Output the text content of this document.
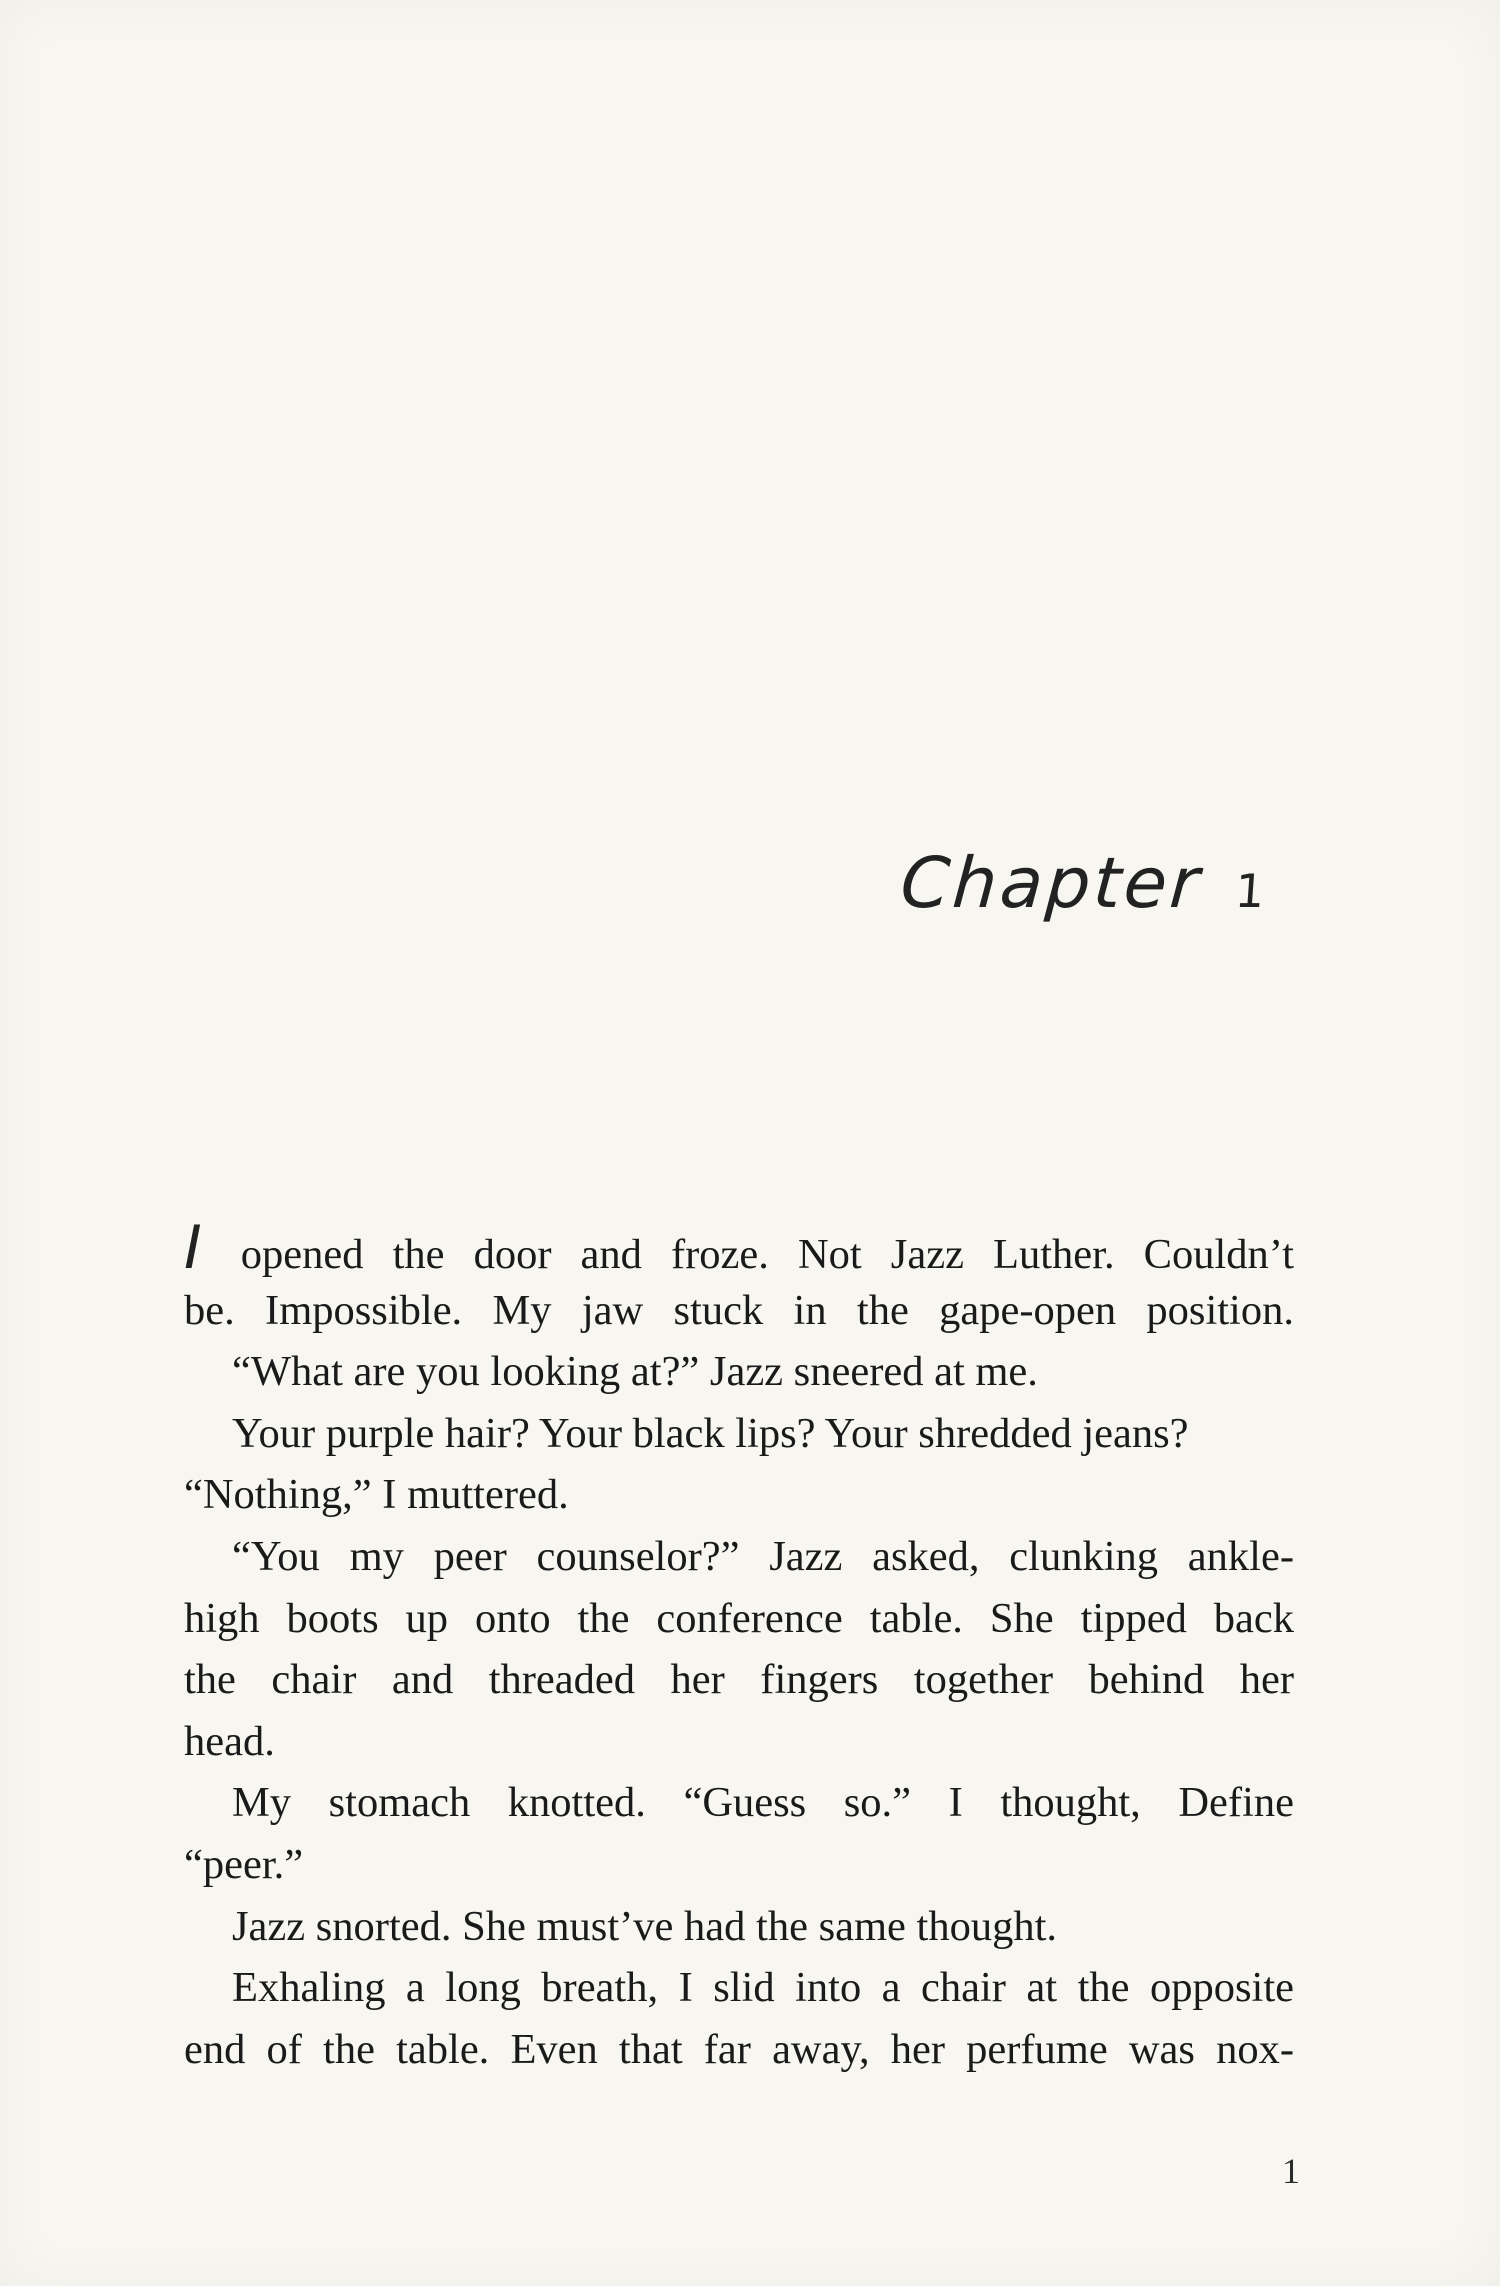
Chapter 1
I opened the door and froze. Not Jazz Luther. Couldn’t
be. Impossible. My jaw stuck in the gape-open position.
“What are you looking at?” Jazz sneered at me.
Your purple hair? Your black lips? Your shredded jeans?
“Nothing,” I muttered.
“You my peer counselor?” Jazz asked, clunking ankle-
high boots up onto the conference table. She tipped back
the chair and threaded her fingers together behind her
head.
My stomach knotted. “Guess so.” I thought, Define
“peer.”
Jazz snorted. She must’ve had the same thought.
Exhaling a long breath, I slid into a chair at the opposite
end of the table. Even that far away, her perfume was nox-
1
